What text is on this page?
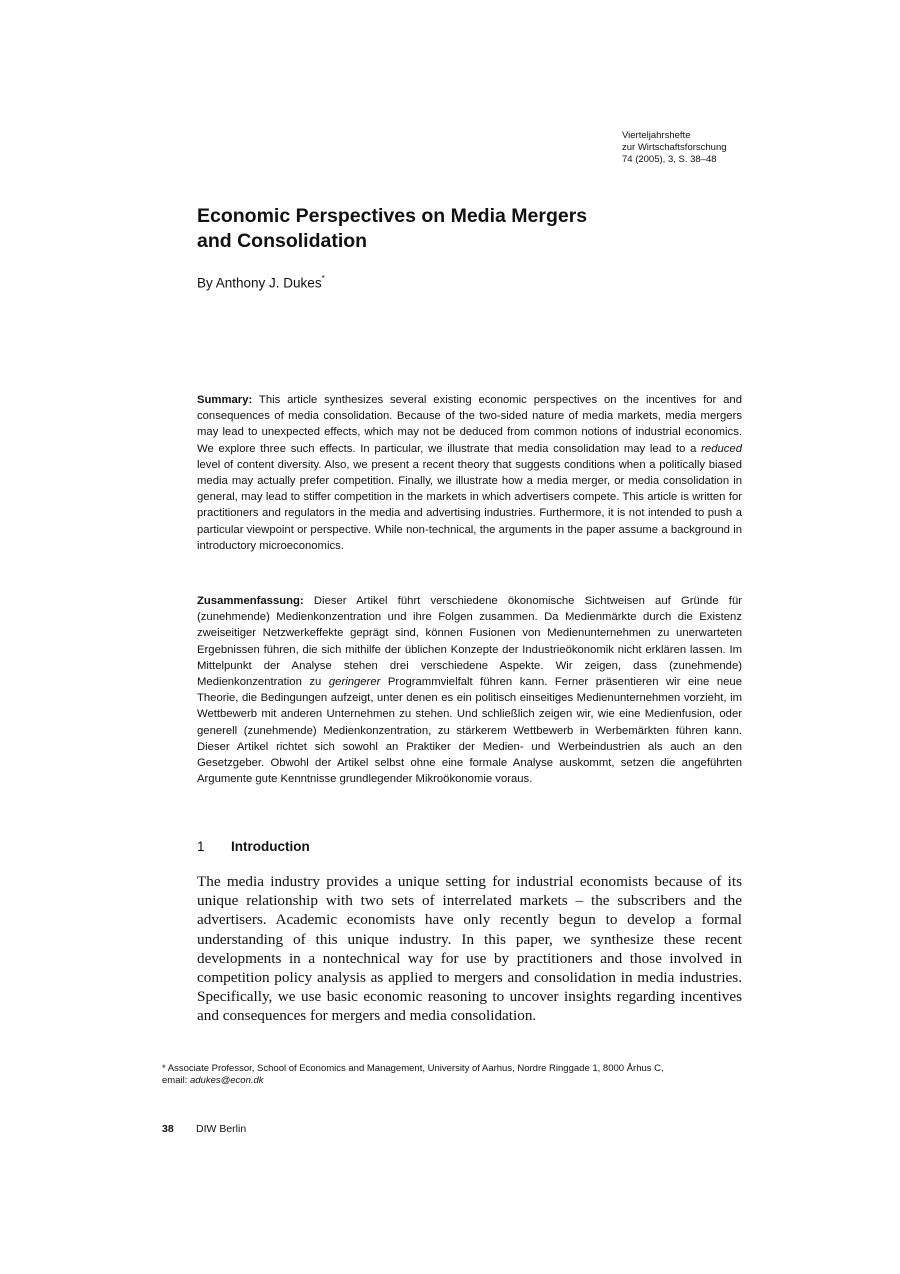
Vierteljahrshefte
zur Wirtschaftsforschung
74 (2005), 3, S. 38–48
Economic Perspectives on Media Mergers
and Consolidation
By Anthony J. Dukes*

Summary: This article synthesizes several existing economic perspectives on the incentives for and consequences of media consolidation. Because of the two-sided nature of media markets, media mergers may lead to unexpected effects, which may not be deduced from common notions of industrial economics. We explore three such effects. In particular, we illustrate that media consolidation may lead to a reduced level of content diversity. Also, we present a recent theory that suggests conditions when a politically biased media may actually prefer competition. Finally, we illustrate how a media merger, or media consolidation in general, may lead to stiffer competition in the markets in which advertisers compete. This article is written for practitioners and regulators in the media and advertising industries. Furthermore, it is not intended to push a particular viewpoint or perspective. While non-technical, the arguments in the paper assume a background in introductory microeconomics.

Zusammenfassung: Dieser Artikel führt verschiedene ökonomische Sichtweisen auf Gründe für (zunehmende) Medienkonzentration und ihre Folgen zusammen. Da Medienmärkte durch die Existenz zweiseitiger Netzwerkeffekte geprägt sind, können Fusionen von Medienunternehmen zu unerwarteten Ergebnissen führen, die sich mithilfe der üblichen Konzepte der Industrieökonomik nicht erklären lassen. Im Mittelpunkt der Analyse stehen drei verschiedene Aspekte. Wir zeigen, dass (zunehmende) Medienkonzentration zu geringerer Programmvielfalt führen kann. Ferner präsentieren wir eine neue Theorie, die Bedingungen aufzeigt, unter denen es ein politisch einseitiges Medienunternehmen vorzieht, im Wettbewerb mit anderen Unternehmen zu stehen. Und schließlich zeigen wir, wie eine Medienfusion, oder generell (zunehmende) Medienkonzentration, zu stärkerem Wettbewerb in Werbemärkten führen kann. Dieser Artikel richtet sich sowohl an Praktiker der Medien- und Werbeindustrien als auch an den Gesetzgeber. Obwohl der Artikel selbst ohne eine formale Analyse auskommt, setzen die angeführten Argumente gute Kenntnisse grundlegender Mikroökonomie voraus.

1 Introduction

The media industry provides a unique setting for industrial economists because of its unique relationship with two sets of interrelated markets – the subscribers and the advertisers. Academic economists have only recently begun to develop a formal understanding of this unique industry. In this paper, we synthesize these recent developments in a nontechnical way for use by practitioners and those involved in competition policy analysis as applied to mergers and consolidation in media industries. Specifically, we use basic economic reasoning to uncover insights regarding incentives and consequences for mergers and media consolidation.

* Associate Professor, School of Economics and Management, University of Aarhus, Nordre Ringgade 1, 8000 Århus C, email: adukes@econ.dk
38 DIW Berlin
